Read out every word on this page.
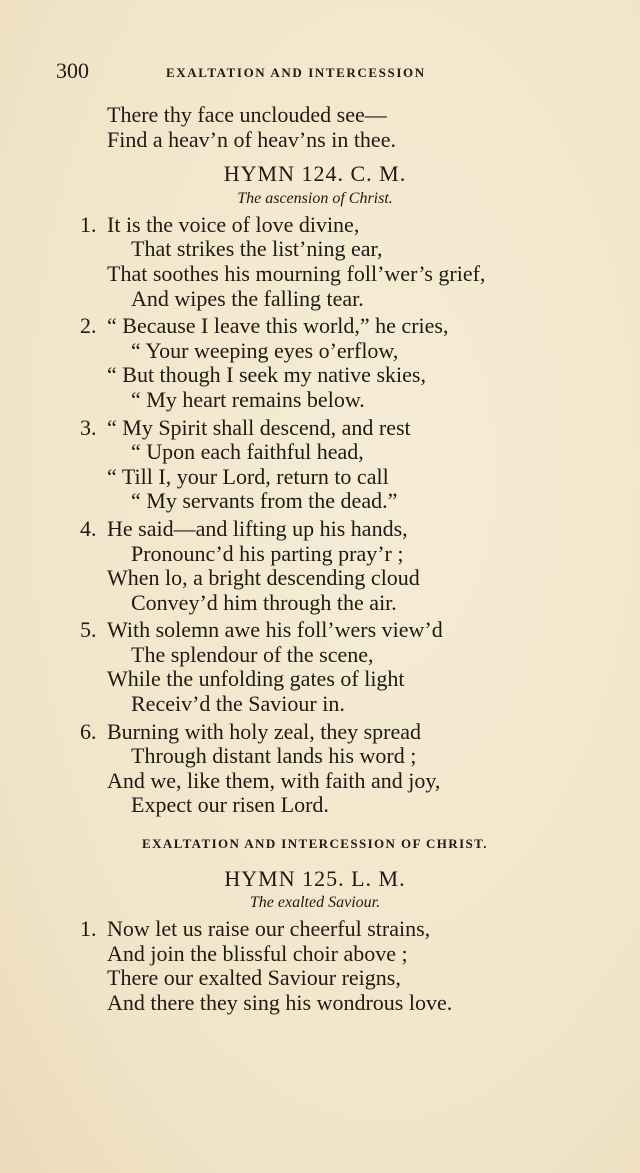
300	EXALTATION AND INTERCESSION
There thy face unclouded see—
Find a heav’n of heav’ns in thee.
HYMN 124. C. M.
The ascension of Christ.
1. It is the voice of love divine,
That strikes the list’ning ear,
That soothes his mourning foll’wer’s grief,
And wipes the falling tear.
2. “ Because I leave this world,” he cries,
“ Your weeping eyes o’erflow,
“ But though I seek my native skies,
“ My heart remains below.
3. “ My Spirit shall descend, and rest
“ Upon each faithful head,
“ Till I, your Lord, return to call
“ My servants from the dead.”
4. He said—and lifting up his hands,
Pronounc’d his parting pray’r ;
When lo, a bright descending cloud
Convey’d him through the air.
5. With solemn awe his foll’wers view’d
The splendour of the scene,
While the unfolding gates of light
Receiv’d the Saviour in.
6. Burning with holy zeal, they spread
Through distant lands his word ;
And we, like them, with faith and joy,
Expect our risen Lord.
EXALTATION AND INTERCESSION OF CHRIST.
HYMN 125. L. M.
The exalted Saviour.
1. Now let us raise our cheerful strains,
And join the blissful choir above ;
There our exalted Saviour reigns,
And there they sing his wondrous love.
